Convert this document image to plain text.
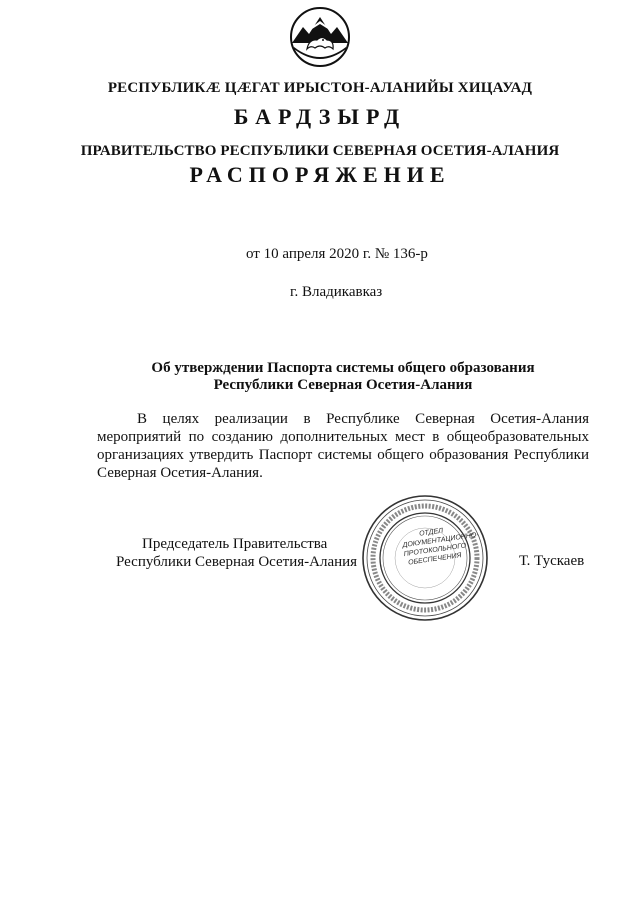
РЕСПУБЛИКÆ ЦÆГАТ ИРЫСТОН-АЛАНИЙЫ ХИЦАУАД
БАРДЗЫРД
ПРАВИТЕЛЬСТВО РЕСПУБЛИКИ СЕВЕРНАЯ ОСЕТИЯ-АЛАНИЯ
РАСПОРЯЖЕНИЕ
от 10 апреля 2020 г. № 136-р
г. Владикавказ
Об утверждении Паспорта системы общего образования
Республики Северная Осетия-Алания
В целях реализации в Республике Северная Осетия-Алания мероприятий по созданию дополнительных мест в общеобразовательных организациях утвердить Паспорт системы общего образования Республики Северная Осетия-Алания.
Председатель Правительства
Республики Северная Осетия-Алания
ОТДЕЛ ДОКУМЕНТАЦИОННО-ПРОТОКОЛЬНОГО ОБЕСПЕЧЕНИЯ	Т. Тускаев
